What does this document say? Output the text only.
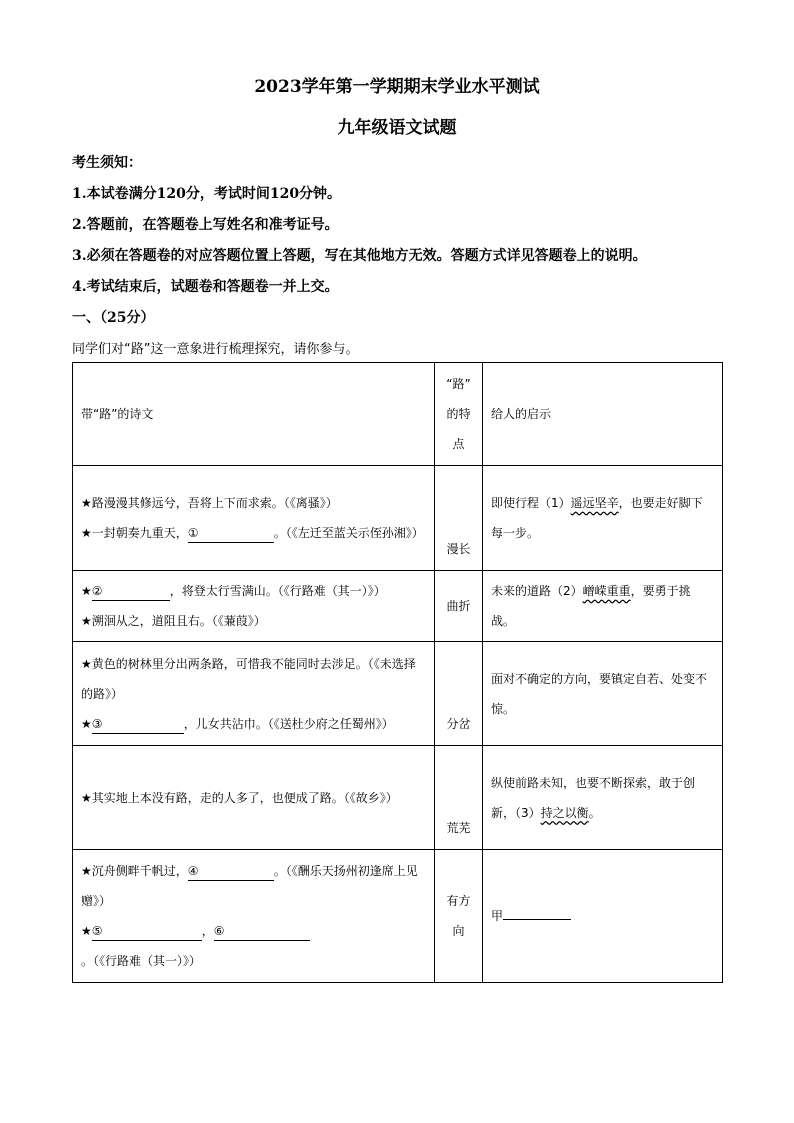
2023学年第一学期期末学业水平测试
九年级语文试题
考生须知：
1.本试卷满分120分，考试时间120分钟。
2.答题前，在答题卷上写姓名和准考证号。
3.必须在答题卷的对应答题位置上答题，写在其他地方无效。答题方式详见答题卷上的说明。
4.考试结束后，试题卷和答题卷一并上交。
一、（25分）
同学们对“路”这一意象进行梳理探究，请你参与。
带“路”的诗文	“路”
的特
点	给人的启示

★路漫漫其修远兮，吾将上下而求索。（《离骚》）
★一封朝奏九重天，① 。（《左迁至蓝关示侄孙湘》）	漫长	即使行程（1）遥远坚辛，也要走好脚下每一步。

★② ，将登太行雪满山。（《行路难（其一）》）
★溯洄从之，道阻且右。（《蒹葭》）	曲折	未来的道路（2）嶒嵘重重，要勇于挑战。

★黄色的树林里分出两条路，可惜我不能同时去涉足。（《未选择的路》）
★③ ，儿女共沾巾。（《送杜少府之任蜀州》）	分岔	面对不确定的方向，要镇定自若、处变不惊。

★其实地上本没有路，走的人多了，也便成了路。（《故乡》）	荒芜	纵使前路未知，也要不断探索，敢于创新，（3）持之以衡。

★沉舟侧畔千帆过，④ 。（《酬乐天扬州初逢席上见赠》）
★⑤ ，⑥。（《行路难（其一）》）	有方向	甲
